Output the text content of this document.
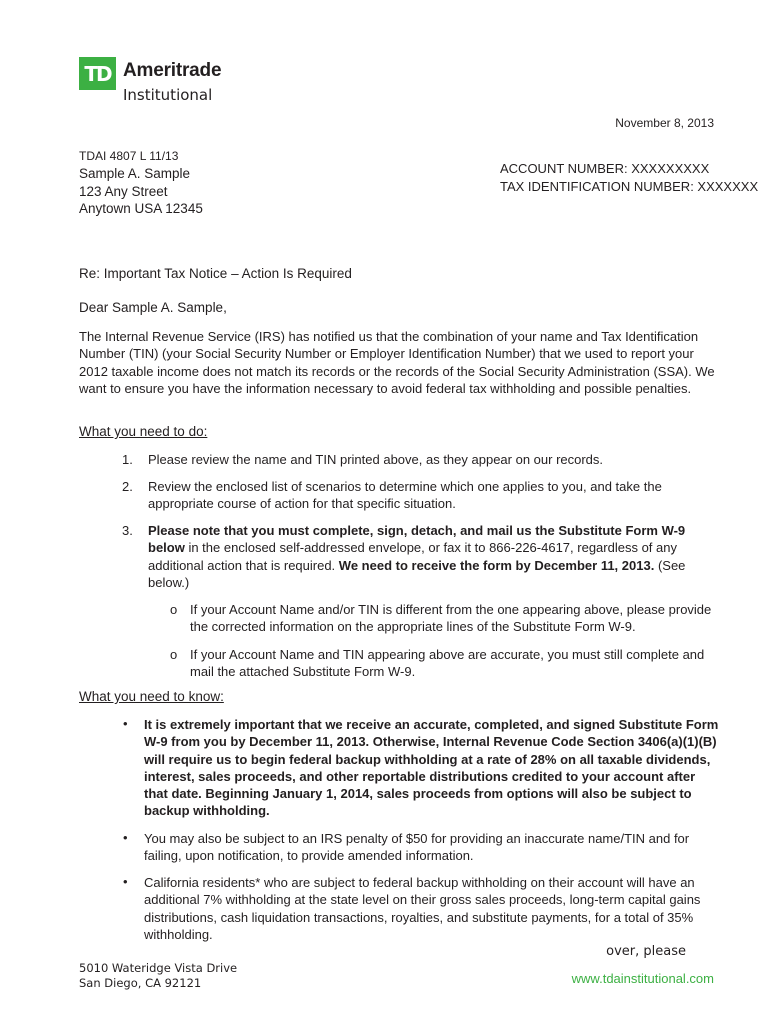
TD Ameritrade
Institutional
November 8, 2013
TDAI 4807 L 11/13
Sample A. Sample
123 Any Street
Anytown USA 12345
ACCOUNT NUMBER: XXXXXXXXX
TAX IDENTIFICATION NUMBER: XXXXXXX
Re: Important Tax Notice – Action Is Required
Dear Sample A. Sample,
The Internal Revenue Service (IRS) has notified us that the combination of your name and Tax Identification Number (TIN) (your Social Security Number or Employer Identification Number) that we used to report your 2012 taxable income does not match its records or the records of the Social Security Administration (SSA). We want to ensure you have the information necessary to avoid federal tax withholding and possible penalties.
What you need to do:
1. Please review the name and TIN printed above, as they appear on our records.
2. Review the enclosed list of scenarios to determine which one applies to you, and take the appropriate course of action for that specific situation.
3. Please note that you must complete, sign, detach, and mail us the Substitute Form W-9 below in the enclosed self-addressed envelope, or fax it to 866-226-4617, regardless of any additional action that is required. We need to receive the form by December 11, 2013. (See below.)
o If your Account Name and/or TIN is different from the one appearing above, please provide the corrected information on the appropriate lines of the Substitute Form W-9.
o If your Account Name and TIN appearing above are accurate, you must still complete and mail the attached Substitute Form W-9.
What you need to know:
• It is extremely important that we receive an accurate, completed, and signed Substitute Form W-9 from you by December 11, 2013. Otherwise, Internal Revenue Code Section 3406(a)(1)(B) will require us to begin federal backup withholding at a rate of 28% on all taxable dividends, interest, sales proceeds, and other reportable distributions credited to your account after that date. Beginning January 1, 2014, sales proceeds from options will also be subject to backup withholding.
• You may also be subject to an IRS penalty of $50 for providing an inaccurate name/TIN and for failing, upon notification, to provide amended information.
• California residents* who are subject to federal backup withholding on their account will have an additional 7% withholding at the state level on their gross sales proceeds, long-term capital gains distributions, cash liquidation transactions, royalties, and substitute payments, for a total of 35% withholding.
over, please
5010 Wateridge Vista Drive
San Diego, CA 92121	www.tdainstitutional.com
